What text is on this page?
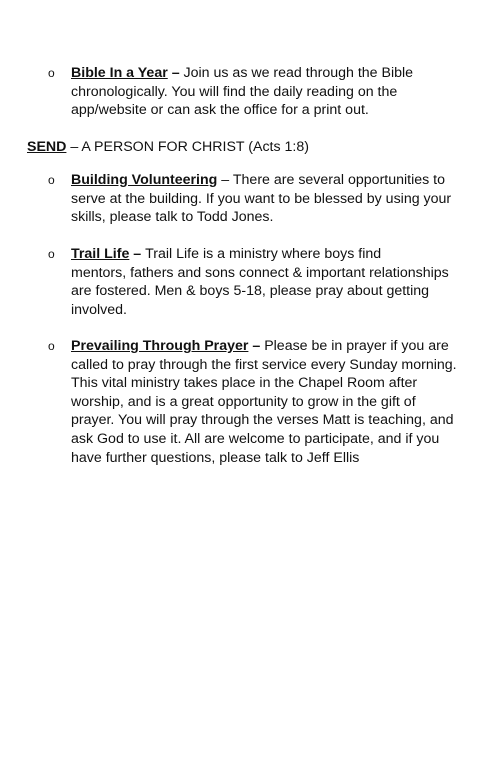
o Bible In a Year – Join us as we read through the Bible
chronologically. You will find the daily reading on the
app/website or can ask the office for a print out.
SEND – A PERSON FOR CHRIST (Acts 1:8)
o Building Volunteering – There are several opportunities to
serve at the building. If you want to be blessed by using your
skills, please talk to Todd Jones.
o Trail Life – Trail Life is a ministry where boys find
mentors, fathers and sons connect & important relationships
are fostered. Men & boys 5-18, please pray about getting
involved.
o Prevailing Through Prayer – Please be in prayer if you are
called to pray through the first service every Sunday morning.
This vital ministry takes place in the Chapel Room after
worship, and is a great opportunity to grow in the gift of
prayer. You will pray through the verses Matt is teaching, and
ask God to use it. All are welcome to participate, and if you
have further questions, please talk to Jeff Ellis
